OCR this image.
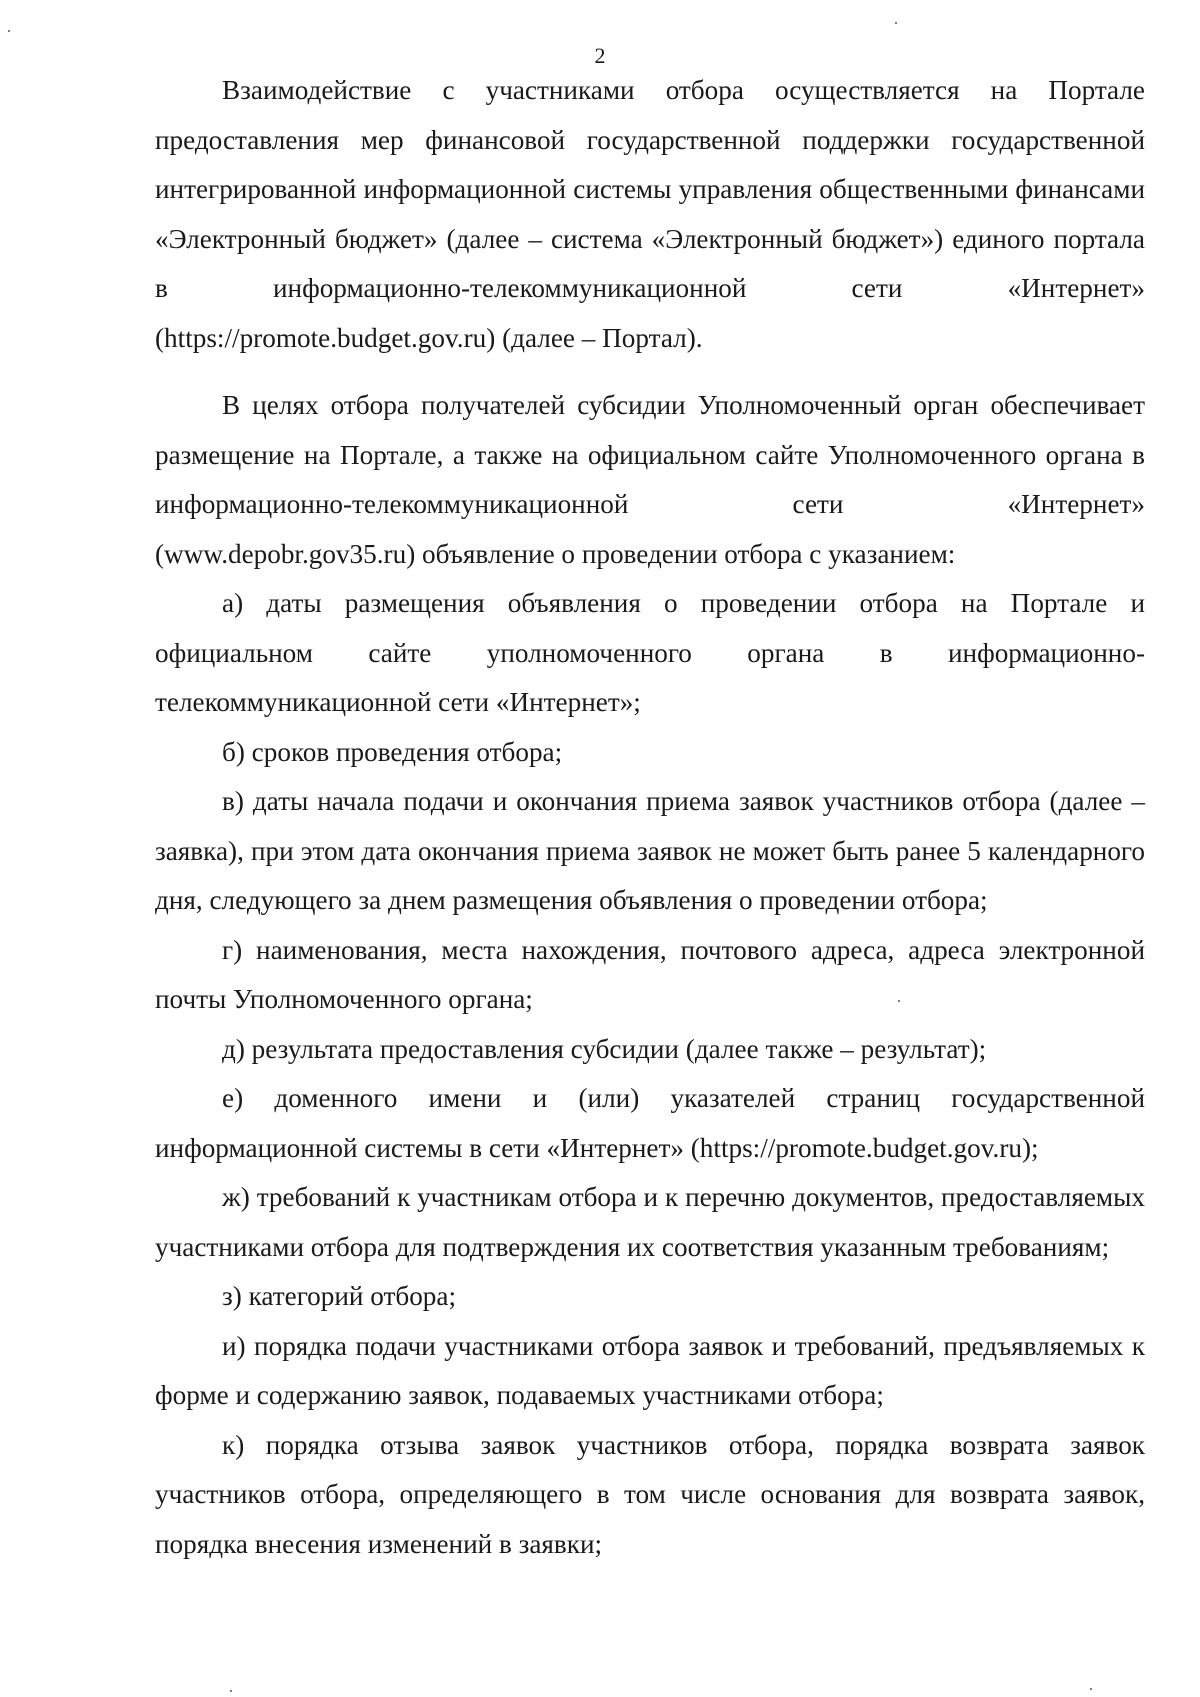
2

Взаимодействие с участниками отбора осуществляется на Портале предоставления мер финансовой государственной поддержки государственной интегрированной информационной системы управления общественными финансами «Электронный бюджет» (далее – система «Электронный бюджет») единого портала в информационно-телекоммуникационной сети «Интернет»

(https://promote.budget.gov.ru) (далее – Портал).

В целях отбора получателей субсидии Уполномоченный орган обеспечивает размещение на Портале, а также на официальном сайте Уполномоченного органа в информационно-телекоммуникационной сети «Интернет»

(www.depobr.gov35.ru) объявление о проведении отбора с указанием:

а) даты размещения объявления о проведении отбора на Портале и официальном сайте уполномоченного органа в информационно-

телекоммуникационной сети «Интернет»;

б) сроков проведения отбора;

в) даты начала подачи и окончания приема заявок участников отбора (далее – заявка), при этом дата окончания приема заявок не может быть ранее 5 календарного дня, следующего за днем размещения объявления о проведении отбора;

г) наименования, места нахождения, почтового адреса, адреса электронной почты Уполномоченного органа;

д) результата предоставления субсидии (далее также – результат);

е) доменного имени и (или) указателей страниц государственной информационной системы в сети «Интернет» (https://promote.budget.gov.ru);

ж) требований к участникам отбора и к перечню документов, предоставляемых участниками отбора для подтверждения их соответствия указанным требованиям;

з) категорий отбора;

и) порядка подачи участниками отбора заявок и требований, предъявляемых к форме и содержанию заявок, подаваемых участниками отбора;

к) порядка отзыва заявок участников отбора, порядка возврата заявок участников отбора, определяющего в том числе основания для возврата заявок, порядка внесения изменений в заявки;
